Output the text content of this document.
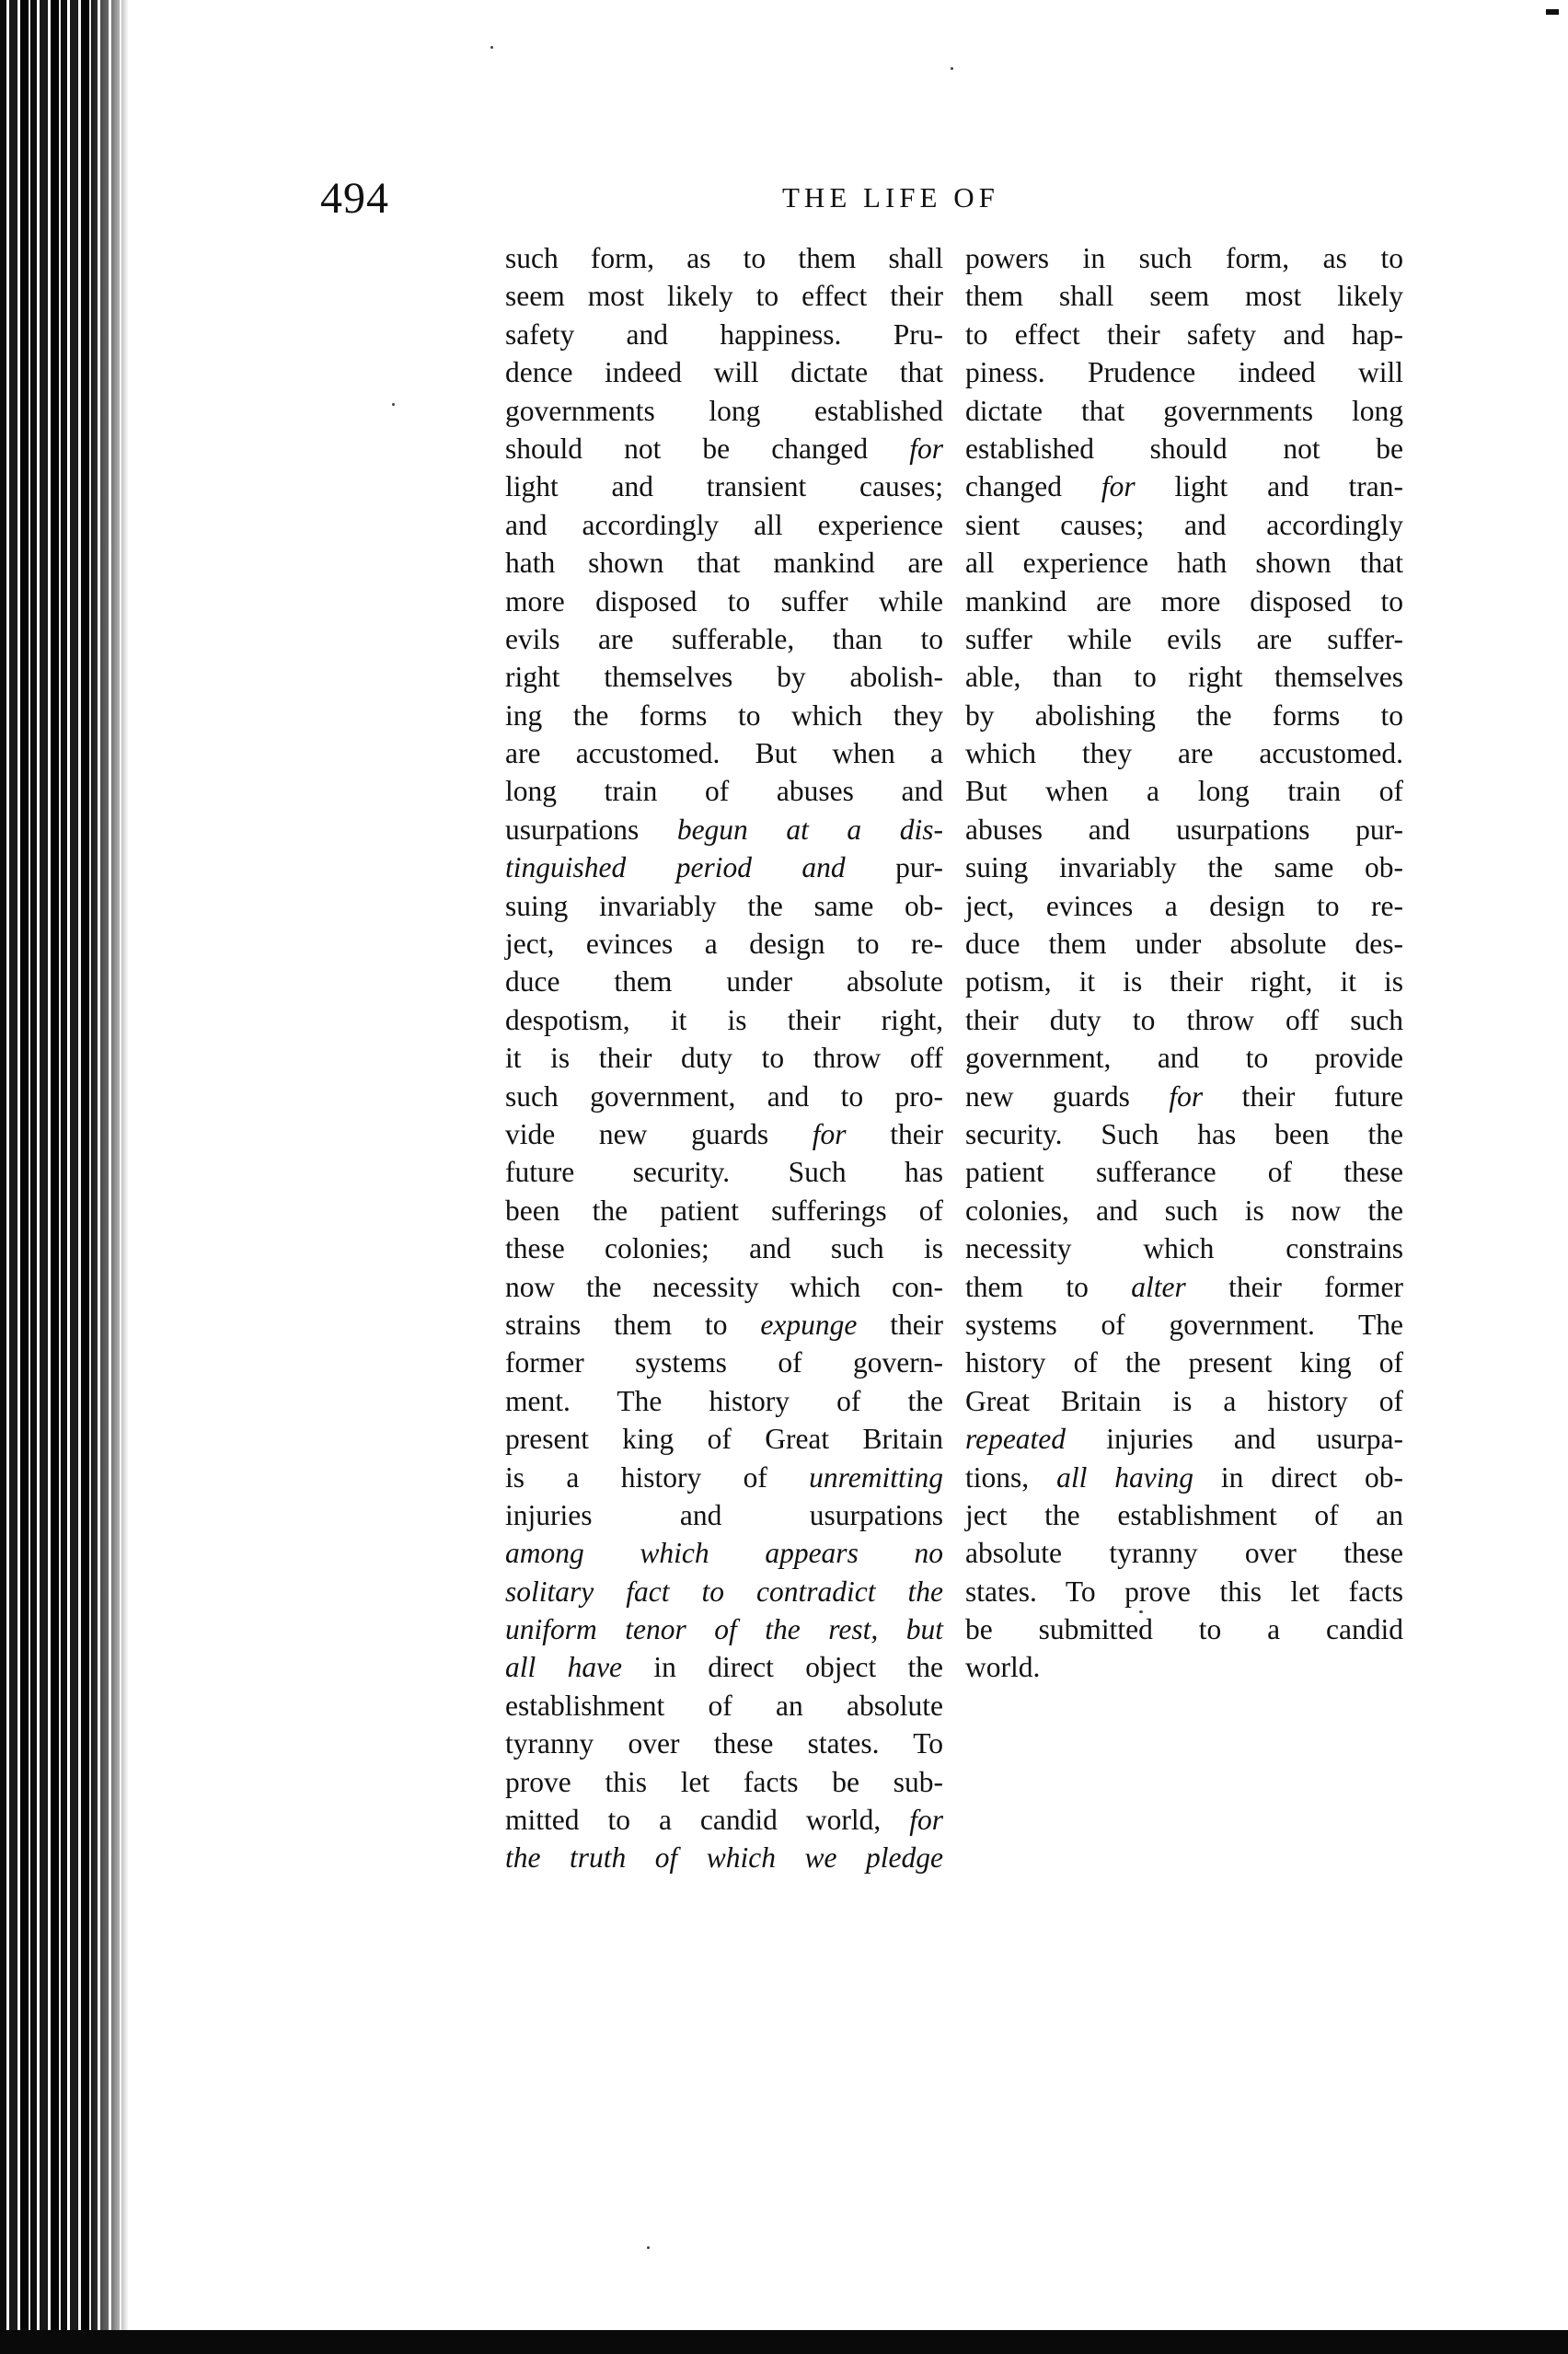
494	THE LIFE OF
such form, as to them shall
seem most likely to effect their
safety and happiness. Pru-
dence indeed will dictate that
governments long established
should not be changed for
light and transient causes;
and accordingly all experience
hath shown that mankind are
more disposed to suffer while
evils are sufferable, than to
right themselves by abolish-
ing the forms to which they
are accustomed. But when a
long train of abuses and
usurpations begun at a dis-
tinguished period and pur-
suing invariably the same ob-
ject, evinces a design to re-
duce them under absolute
despotism, it is their right,
it is their duty to throw off
such government, and to pro-
vide new guards for their
future security. Such has
been the patient sufferings of
these colonies; and such is
now the necessity which con-
strains them to expunge their
former systems of govern-
ment. The history of the
present king of Great Britain
is a history of unremitting
injuries and usurpations
among which appears no
solitary fact to contradict the
uniform tenor of the rest, but
all have in direct object the
establishment of an absolute
tyranny over these states. To
prove this let facts be sub-
mitted to a candid world, for
the truth of which we pledge
powers in such form, as to
them shall seem most likely
to effect their safety and hap-
piness. Prudence indeed will
dictate that governments long
established should not be
changed for light and tran-
sient causes; and accordingly
all experience hath shown that
mankind are more disposed to
suffer while evils are suffer-
able, than to right themselves
by abolishing the forms to
which they are accustomed.
But when a long train of
abuses and usurpations pur-
suing invariably the same ob-
ject, evinces a design to re-
duce them under absolute des-
potism, it is their right, it is
their duty to throw off such
government, and to provide
new guards for their future
security. Such has been the
patient sufferance of these
colonies, and such is now the
necessity which constrains
them to alter their former
systems of government. The
history of the present king of
Great Britain is a history of
repeated injuries and usurpa-
tions, all having in direct ob-
ject the establishment of an
absolute tyranny over these
states. To prove this let facts
be submitted to a candid
world.
